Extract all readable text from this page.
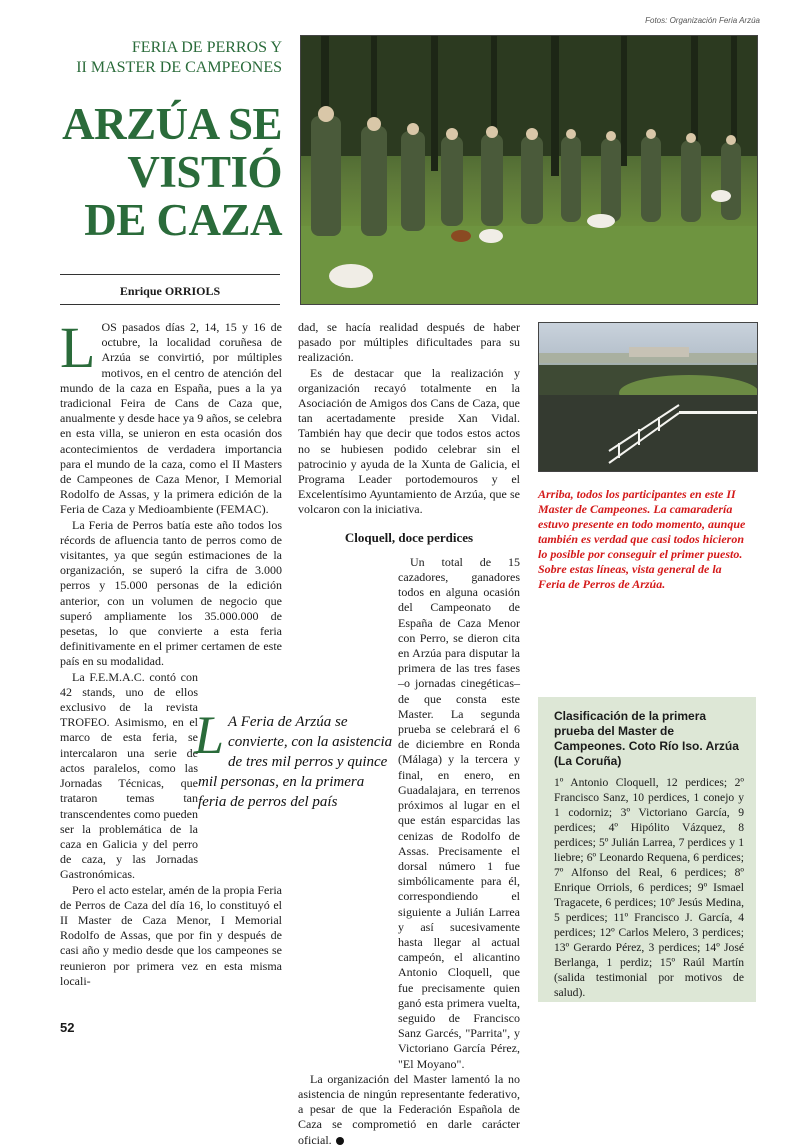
Fotos: Organización Feria Arzúa
FERIA DE PERROS Y
II MASTER DE CAMPEONES
ARZÚA SE
VISTIÓ
DE CAZA
Enrique ORRIOLS

LOS pasados días 2, 14, 15 y 16 de octubre, la localidad coruñesa de Arzúa se convirtió, por múltiples motivos, en el centro de atención del mundo de la caza en España, pues a la ya tradicional Feira de Cans de Caza que, anualmente y desde hace ya 9 años, se celebra en esta villa, se unieron en esta ocasión dos acontecimientos de verdadera importancia para el mundo de la caza, como el II Masters de Campeones de Caza Menor, I Memorial Rodolfo de Assas, y la primera edición de la Feria de Caza y Medioambiente (FEMAC).

La Feria de Perros batía este año todos los récords de afluencia tanto de perros como de visitantes, ya que según estimaciones de la organización, se superó la cifra de 3.000 perros y 15.000 personas de la edición anterior, con un volumen de negocio que superó ampliamente los 35.000.000 de pesetas, lo que convierte a esta feria definitivamente en el primer certamen de este país en su modalidad.

La F.E.M.A.C. contó con 42 stands, uno de ellos exclusivo de la revista TROFEO. Asimismo, en el marco de esta feria, se intercalaron una serie de actos paralelos, como las Jornadas Técnicas, que trataron temas tan transcendentes como pueden ser la problemática de la caza en Galicia y del perro de caza, y las Jornadas Gastronómicas.

Pero el acto estelar, amén de la propia Feria de Perros de Caza del día 16, lo constituyó el II Master de Caza Menor, I Memorial Rodolfo de Assas, que por fin y después de casi año y medio desde que los campeones se reunieron por primera vez en esta misma locali-

dad, se hacía realidad después de haber pasado por múltiples dificultades para su realización.

Es de destacar que la realización y organización recayó totalmente en la Asociación de Amigos dos Cans de Caza, que tan acertadamente preside Xan Vidal. También hay que decir que todos estos actos no se hubiesen podido celebrar sin el patrocinio y ayuda de la Xunta de Galicia, el Programa Leader portodemouros y el Excelentísimo Ayuntamiento de Arzúa, que se volcaron con la iniciativa.

Cloquell, doce perdices

Un total de 15 cazadores, ganadores todos en alguna ocasión del Campeonato de España de Caza Menor con Perro, se dieron cita en Arzúa para disputar la primera de las tres fases –o jornadas cinegéticas– de que consta este Master. La segunda prueba se celebrará el 6 de diciembre en Ronda (Málaga) y la tercera y final, en enero, en Guadalajara, en terrenos próximos al lugar en el que están esparcidas las cenizas de Rodolfo de Assas. Precisamente el dorsal número 1 fue simbólicamente para él, correspondiendo el siguiente a Julián Larrea y así sucesivamente hasta llegar al actual campeón, el alicantino Antonio Cloquell, que fue precisamente quien ganó esta primera vuelta, seguido de Francisco Sanz Garcés, "Parrita", y Victoriano García Pérez, "El Moyano".

La organización del Master lamentó la no asistencia de ningún representante federativo, a pesar de que la Federación Española de Caza se comprometió en darle carácter oficial.

L A Feria de Arzúa se convierte, con la asistencia de tres mil perros y quince mil personas, en la primera feria de perros del país
Arriba, todos los participantes en este II Master de Campeones. La camaradería estuvo presente en todo momento, aunque también es verdad que casi todos hicieron lo posible por conseguir el primer puesto. Sobre estas líneas, vista general de la Feria de Perros de Arzúa.
Clasificación de la primera prueba del Master de Campeones. Coto Río Iso. Arzúa (La Coruña)
1º Antonio Cloquell, 12 perdices; 2º Francisco Sanz, 10 perdices, 1 conejo y 1 codorniz; 3º Victoriano García, 9 perdices; 4º Hipólito Vázquez, 8 perdices; 5º Julián Larrea, 7 perdices y 1 liebre; 6º Leonardo Requena, 6 perdices; 7º Alfonso del Real, 6 perdices; 8º Enrique Orriols, 6 perdices; 9º Ismael Tragacete, 6 perdices; 10º Jesús Medina, 5 perdices; 11º Francisco J. García, 4 perdices; 12º Carlos Melero, 3 perdices; 13º Gerardo Pérez, 3 perdices; 14º José Berlanga, 1 perdiz; 15º Raúl Martín (salida testimonial por motivos de salud).
52
